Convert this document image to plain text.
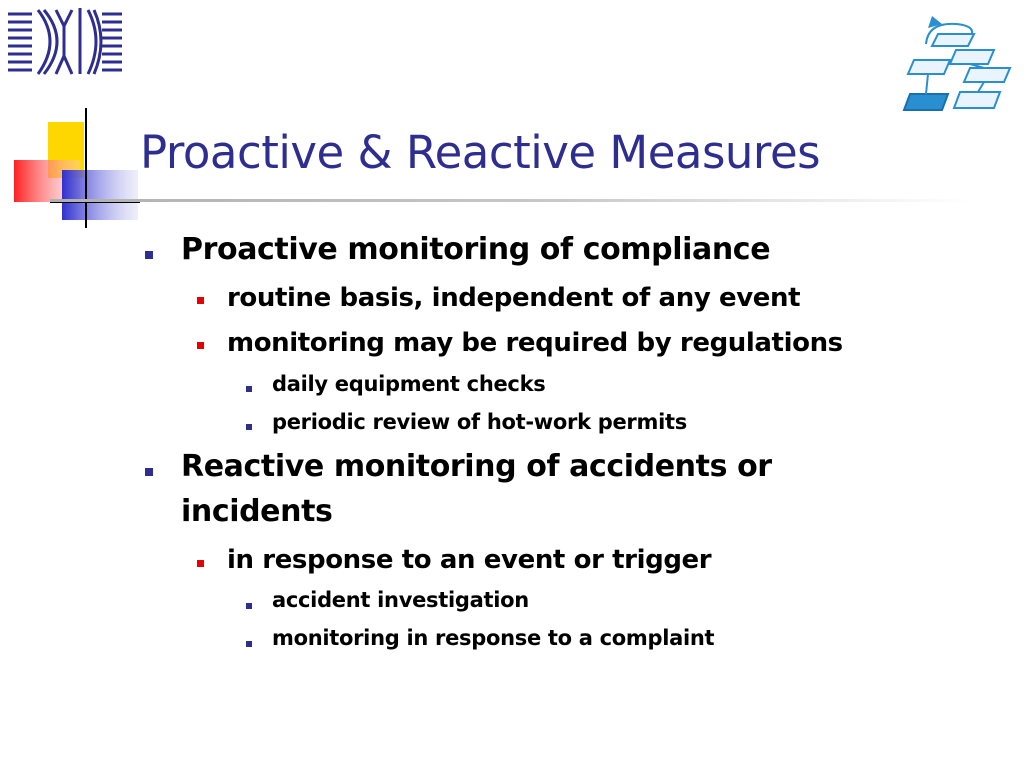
Proactive & Reactive Measures
Proactive monitoring of compliance
routine basis, independent of any event
monitoring may be required by regulations
daily equipment checks
periodic review of hot-work permits
Reactive monitoring of accidents or
incidents
in response to an event or trigger
accident investigation
monitoring in response to a complaint
